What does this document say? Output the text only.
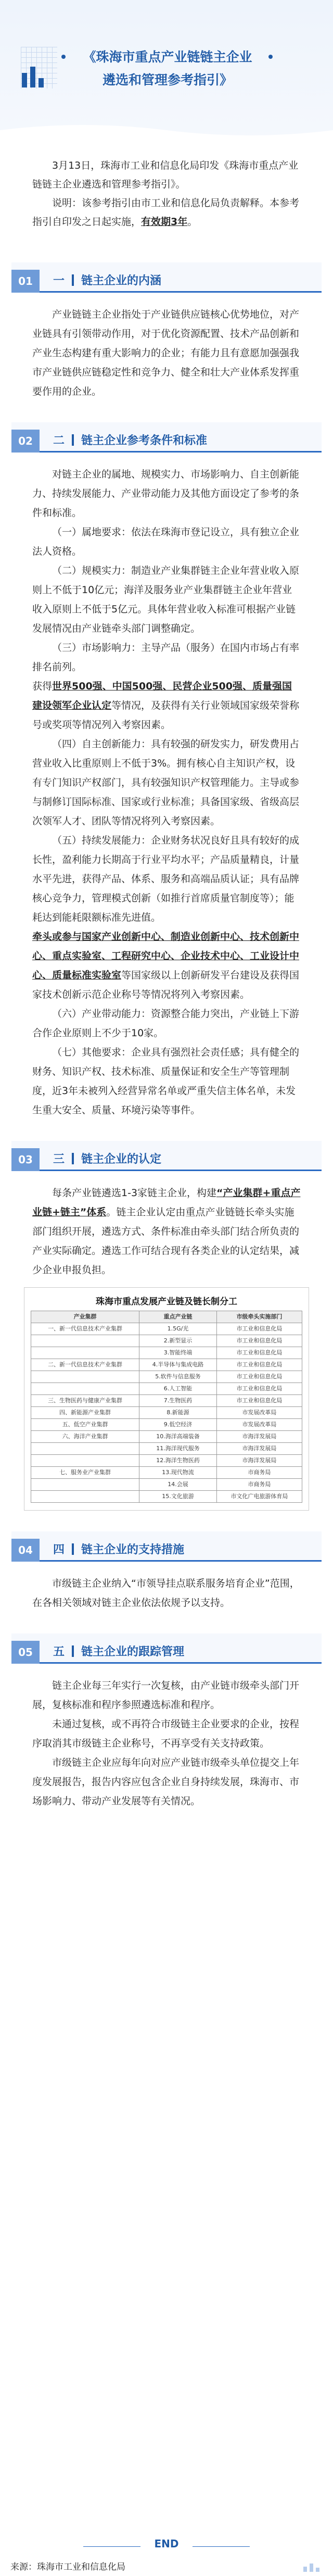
《珠海市重点产业链链主企业
遴选和管理参考指引》

3月13日，珠海市工业和信息化局印发《珠海市重点产业链链主企业遴选和管理参考指引》。

说明：该参考指引由市工业和信息化局负责解释。本参考指引自印发之日起实施，有效期3年。

01	一 链主企业的内涵

产业链链主企业指处于产业链供应链核心优势地位，对产业链具有引领带动作用，对于优化资源配置、技术产品创新和产业生态构建有重大影响力的企业；有能力且有意愿加强强我市产业链供应链稳定性和竞争力、健全和壮大产业体系发挥重要作用的企业。

02	二 链主企业参考条件和标准

对链主企业的属地、规模实力、市场影响力、自主创新能力、持续发展能力、产业带动能力及其他方面设定了参考的条件和标准。

（一）属地要求：依法在珠海市登记设立，具有独立企业法人资格。

（二）规模实力：制造业产业集群链主企业年营业收入原则上不低于10亿元；海洋及服务业产业集群链主企业年营业收入原则上不低于5亿元。具体年营业收入标准可根据产业链发展情况由产业链牵头部门调整确定。

（三）市场影响力：主导产品（服务）在国内市场占有率排名前列。

获得世界500强、中国500强、民营企业500强、质量强国建设领军企业认定等情况，及获得有关行业领域国家级荣誉称号或奖项等情况列入考察因素。

（四）自主创新能力：具有较强的研发实力，研发费用占营业收入比重原则上不低于3%。拥有核心自主知识产权，设有专门知识产权部门，具有较强知识产权管理能力。主导或参与制修订国际标准、国家或行业标准；具备国家级、省级高层次领军人才、团队等情况将列入考察因素。

（五）持续发展能力：企业财务状况良好且具有较好的成长性，盈利能力长期高于行业平均水平；产品质量精良，计量水平先进，获得产品、体系、服务和高端品质认证；具有品牌核心竞争力，管理模式创新（如推行首席质量官制度等）；能耗达到能耗限额标准先进值。

牵头或参与国家产业创新中心、制造业创新中心、技术创新中心、重点实验室、工程研究中心、企业技术中心、工业设计中心、质量标准实验室等国家级以上创新研发平台建设及获得国家技术创新示范企业称号等情况将列入考察因素。

（六）产业带动能力：资源整合能力突出，产业链上下游合作企业原则上不少于10家。

（七）其他要求：企业具有强烈社会责任感；具有健全的财务、知识产权、技术标准、质量保证和安全生产等管理制度，近3年未被列入经营异常名单或严重失信主体名单，未发生重大安全、质量、环境污染等事件。

03	三 链主企业的认定

每条产业链遴选1-3家链主企业，构建“产业集群+重点产业链+链主”体系。链主企业认定由重点产业链链长牵头实施部门组织开展，遴选方式、条件标准由牵头部门结合所负责的产业实际确定。遴选工作可结合现有各类企业的认定结果，减少企业申报负担。

珠海市重点发展产业链及链长制分工
产业集群	重点产业链	市级牵头实施部门
一、新一代信息技术产业集群	1.5G/光	市工业和信息化局
	2.新型显示	市工业和信息化局
	3.智能终端	市工业和信息化局
二、新一代信息技术产业集群	4.半导体与集成电路	市工业和信息化局
	5.软件与信息服务	市工业和信息化局
	6.人工智能	市工业和信息化局
三、生物医药与健康产业集群	7.生物医药	市工业和信息化局
四、新能源产业集群	8.新能源	市发展改革局
五、低空产业集群	9.低空经济	市发展改革局
六、海洋产业集群	10.海洋高端装备	市海洋发展局
	11.海洋现代服务	市海洋发展局
	12.海洋生物医药	市海洋发展局
七、服务业产业集群	13.现代物流	市商务局
	14.会展	市商务局
	15.文化旅游	市文化广电旅游体育局
04	四 链主企业的支持措施

市级链主企业纳入“市领导挂点联系服务培育企业”范围，在各相关领域对链主企业依法依规予以支持。

05	五 链主企业的跟踪管理

链主企业每三年实行一次复核，由产业链市级牵头部门开展，复核标准和程序参照遴选标准和程序。

未通过复核，或不再符合市级链主企业要求的企业，按程序取消其市级链主企业称号，不再享受有关支持政策。

市级链主企业应每年向对应产业链市级牵头单位提交上年度发展报告，报告内容应包含企业自身持续发展，珠海市、市场影响力、带动产业发展等有关情况。

END
来源：珠海市工业和信息化局
